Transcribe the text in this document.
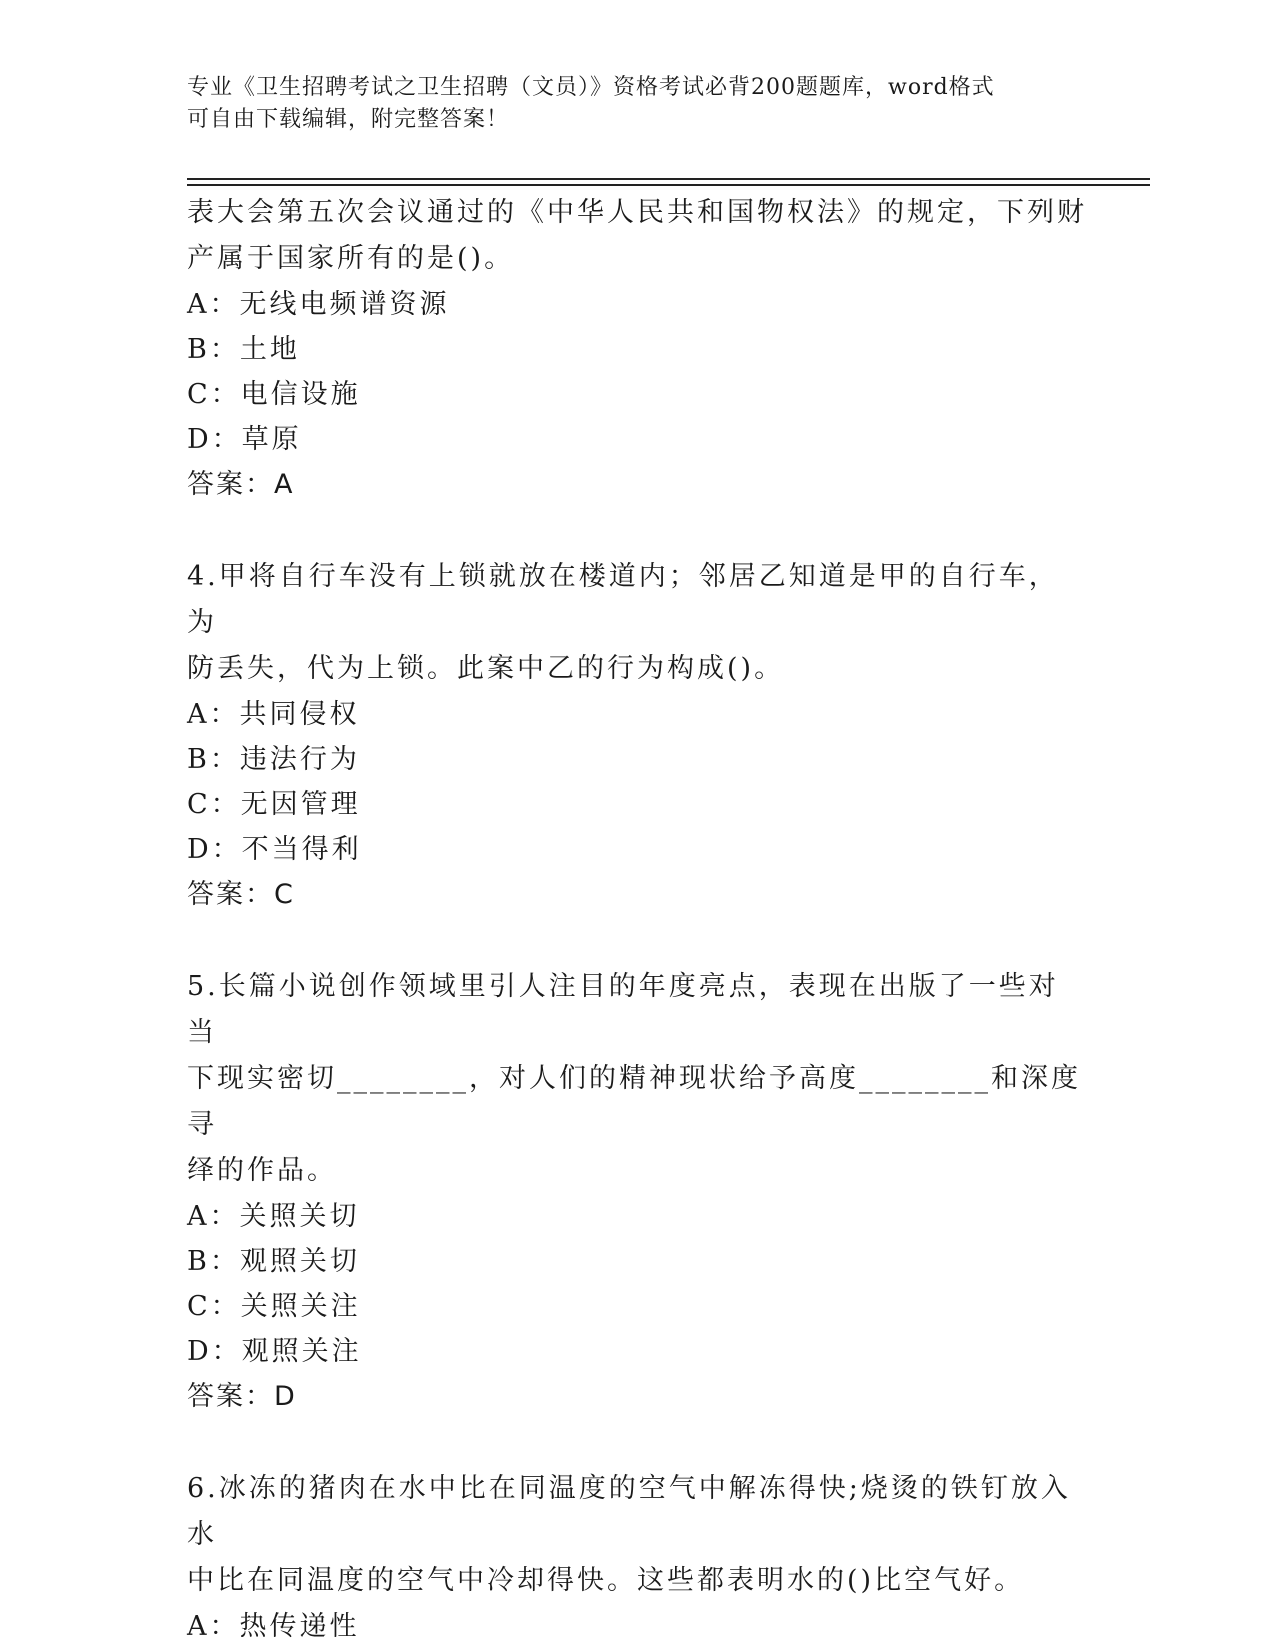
专业《卫生招聘考试之卫生招聘（文员）》资格考试必背200题题库，word格式
可自由下载编辑，附完整答案！

表大会第五次会议通过的《中华人民共和国物权法》的规定，下列财

产属于国家所有的是()。

A：无线电频谱资源

B：土地

C：电信设施

D：草原

答案：A

4.甲将自行车没有上锁就放在楼道内；邻居乙知道是甲的自行车，为

防丢失，代为上锁。此案中乙的行为构成()。

A：共同侵权

B：违法行为

C：无因管理

D：不当得利

答案：C

5.长篇小说创作领域里引人注目的年度亮点，表现在出版了一些对当

下现实密切________，对人们的精神现状给予高度________和深度寻

绎的作品。

A：关照关切

B：观照关切

C：关照关注

D：观照关注

答案：D

6.冰冻的猪肉在水中比在同温度的空气中解冻得快;烧烫的铁钉放入水

中比在同温度的空气中冷却得快。这些都表明水的()比空气好。

A：热传递性
